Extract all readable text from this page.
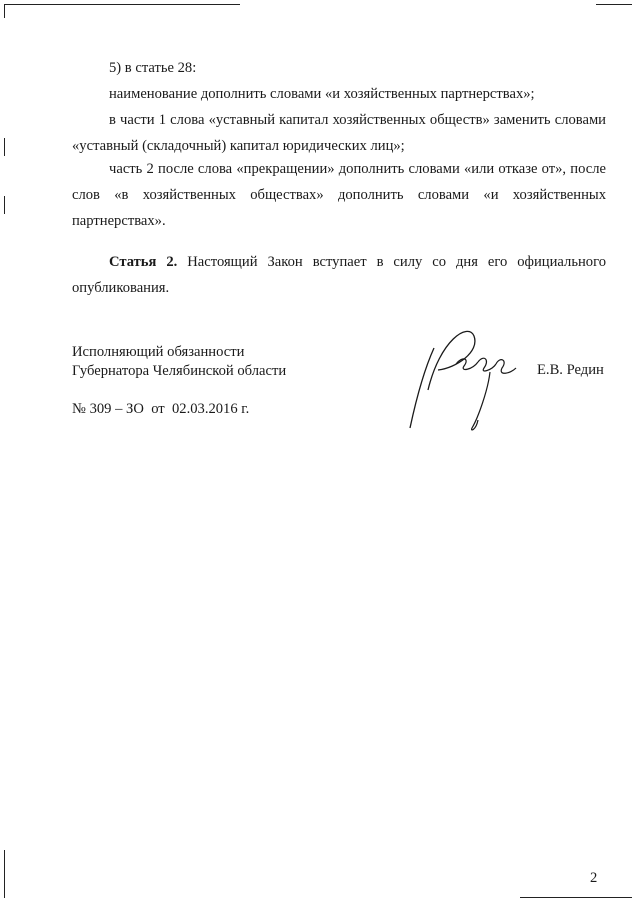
5) в статье 28:

наименование дополнить словами «и хозяйственных партнерствах»;

в части 1 слова «уставный капитал хозяйственных обществ» заменить словами «уставный (складочный) капитал юридических лиц»;

часть 2 после слова «прекращении» дополнить словами «или отказе от», после слов «в хозяйственных обществах» дополнить словами «и хозяйственных партнерствах».

Статья 2. Настоящий Закон вступает в силу со дня его официального опубликования.

Исполняющий обязанности
Губернатора Челябинской области	Е.В. Редин
№ 309 – ЗО  от  02.03.2016 г.
2
